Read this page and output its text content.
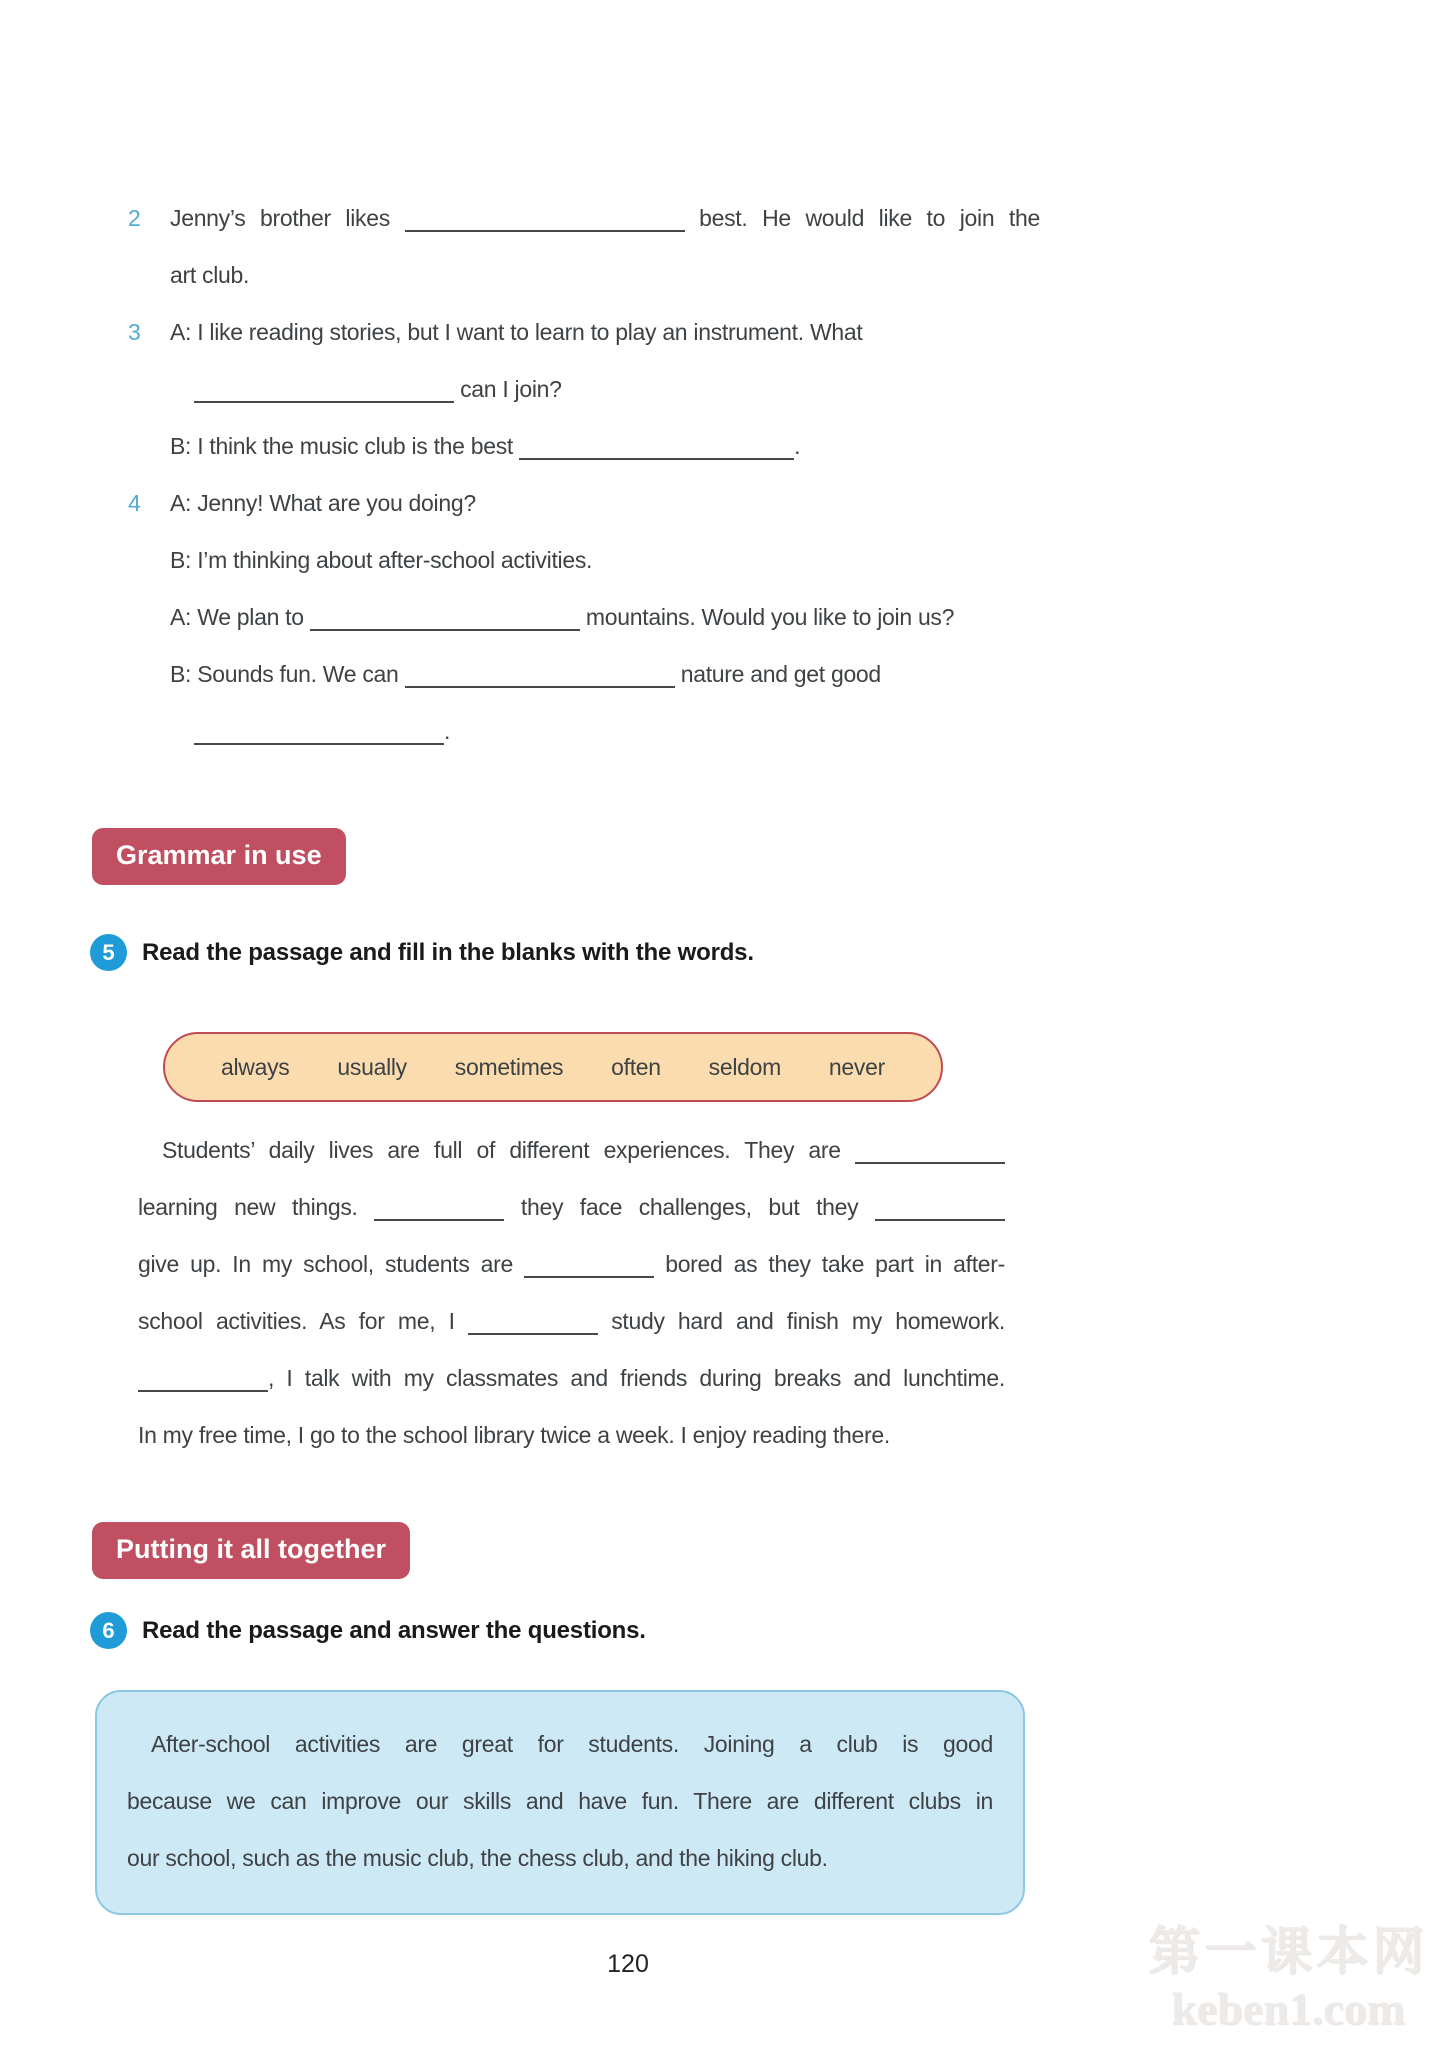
2	Jenny’s brother likes	best. He would like to join the
art club.
3	A: I like reading stories, but I want to learn to play an instrument. What
can I join?
B: I think the music club is the best	.
4	A: Jenny! What are you doing?
B: I’m thinking about after-school activities.
A: We plan to	mountains. Would you like to join us?
B: Sounds fun. We can	nature and get good
.
Grammar in use
5	Read the passage and fill in the blanks with the words.
always usually sometimes often seldom never
Students’ daily lives are full of different experiences. They are
learning new things.	they face challenges, but they
give up. In my school, students are	bored as they take part in after-
school activities. As for me, I	study hard and finish my homework.
, I talk with my classmates and friends during breaks and lunchtime.
In my free time, I go to the school library twice a week. I enjoy reading there.
Putting it all together
6	Read the passage and answer the questions.
After-school activities are great for students. Joining a club is good
because we can improve our skills and have fun. There are different clubs in
our school, such as the music club, the chess club, and the hiking club.
120	第一课本网
keben1.com
